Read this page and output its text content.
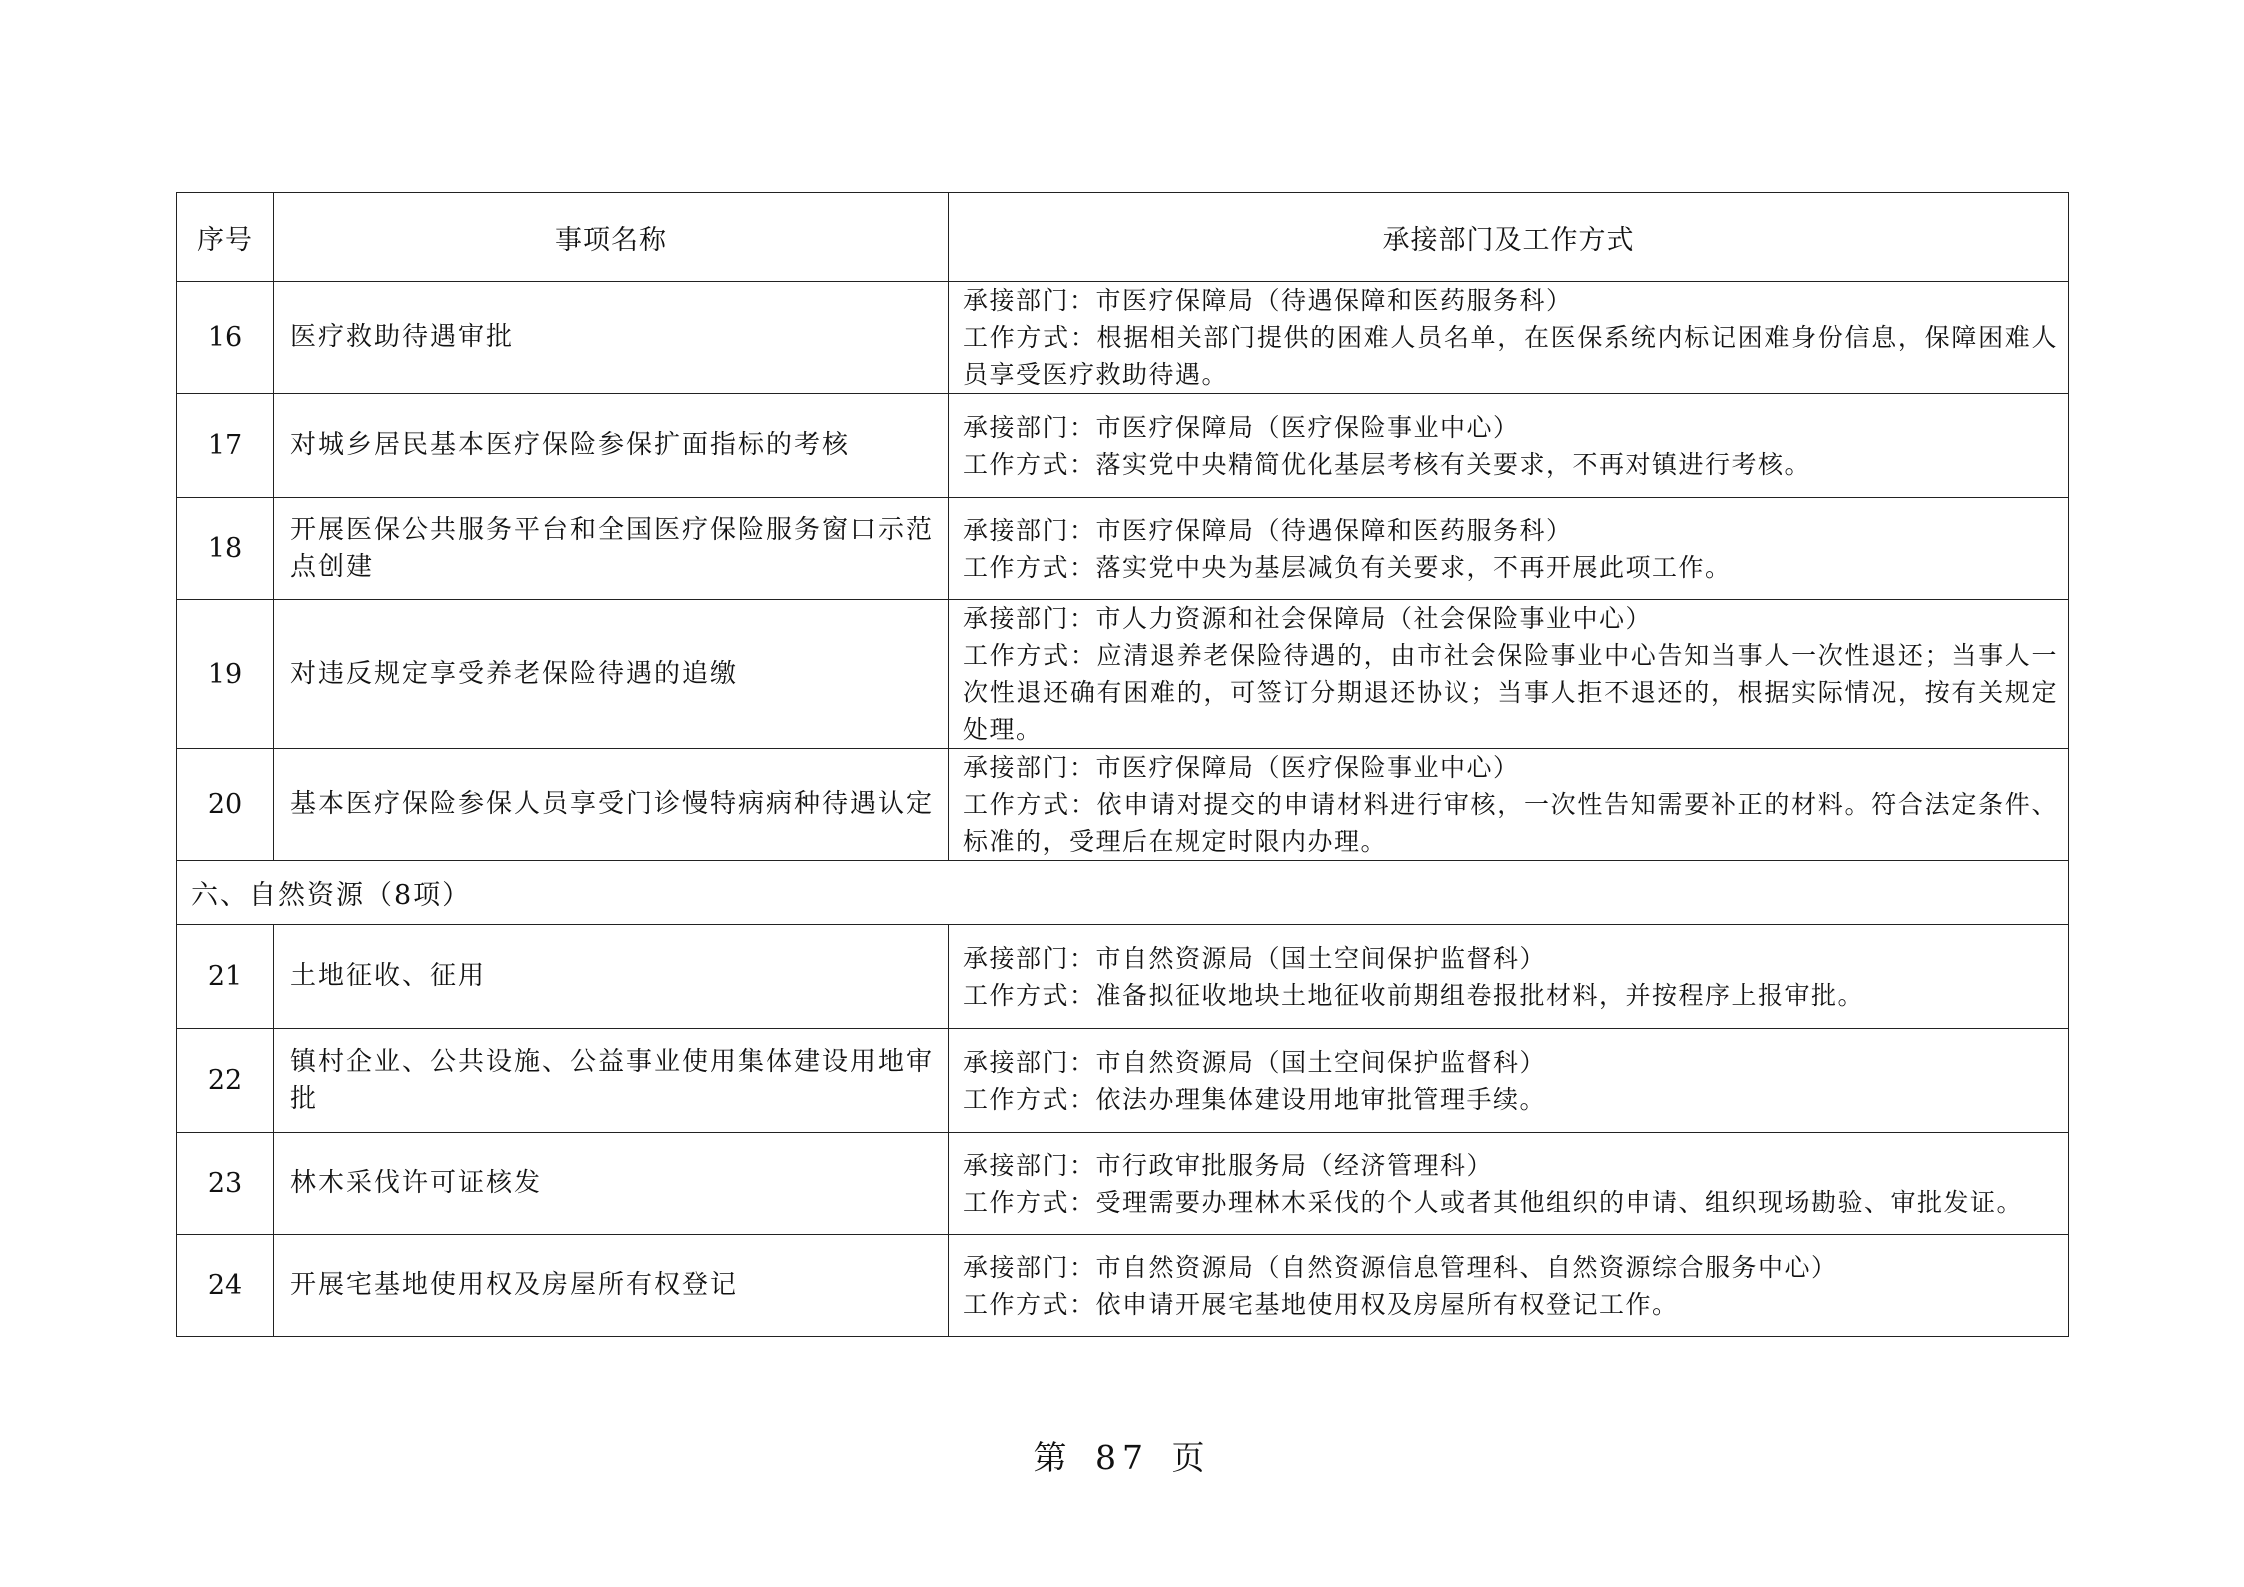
序号	事项名称	承接部门及工作方式
16	医疗救助待遇审批	承接部门：市医疗保障局（待遇保障和医药服务科）
工作方式：根据相关部门提供的困难人员名单，在医保系统内标记困难身份信息，保障困难人员享受医疗救助待遇。

17	对城乡居民基本医疗保险参保扩面指标的考核	承接部门：市医疗保障局（医疗保险事业中心）
工作方式：落实党中央精简优化基层考核有关要求，不再对镇进行考核。

18	开展医保公共服务平台和全国医疗保险服务窗口示范点创建	承接部门：市医疗保障局（待遇保障和医药服务科）
工作方式：落实党中央为基层减负有关要求，不再开展此项工作。

19	对违反规定享受养老保险待遇的追缴	承接部门：市人力资源和社会保障局（社会保险事业中心）
工作方式：应清退养老保险待遇的，由市社会保险事业中心告知当事人一次性退还；当事人一次性退还确有困难的，可签订分期退还协议；当事人拒不退还的，根据实际情况，按有关规定处理。

20	基本医疗保险参保人员享受门诊慢特病病种待遇认定	承接部门：市医疗保障局（医疗保险事业中心）
工作方式：依申请对提交的申请材料进行审核，一次性告知需要补正的材料。符合法定条件、标准的，受理后在规定时限内办理。

六、自然资源（8项）		
21	土地征收、征用	承接部门：市自然资源局（国土空间保护监督科）
工作方式：准备拟征收地块土地征收前期组卷报批材料，并按程序上报审批。

22	镇村企业、公共设施、公益事业使用集体建设用地审批	承接部门：市自然资源局（国土空间保护监督科）
工作方式：依法办理集体建设用地审批管理手续。

23	林木采伐许可证核发	承接部门：市行政审批服务局（经济管理科）
工作方式：受理需要办理林木采伐的个人或者其他组织的申请、组织现场勘验、审批发证。

24	开展宅基地使用权及房屋所有权登记	承接部门：市自然资源局（自然资源信息管理科、自然资源综合服务中心）
工作方式：依申请开展宅基地使用权及房屋所有权登记工作。
第 87 页
